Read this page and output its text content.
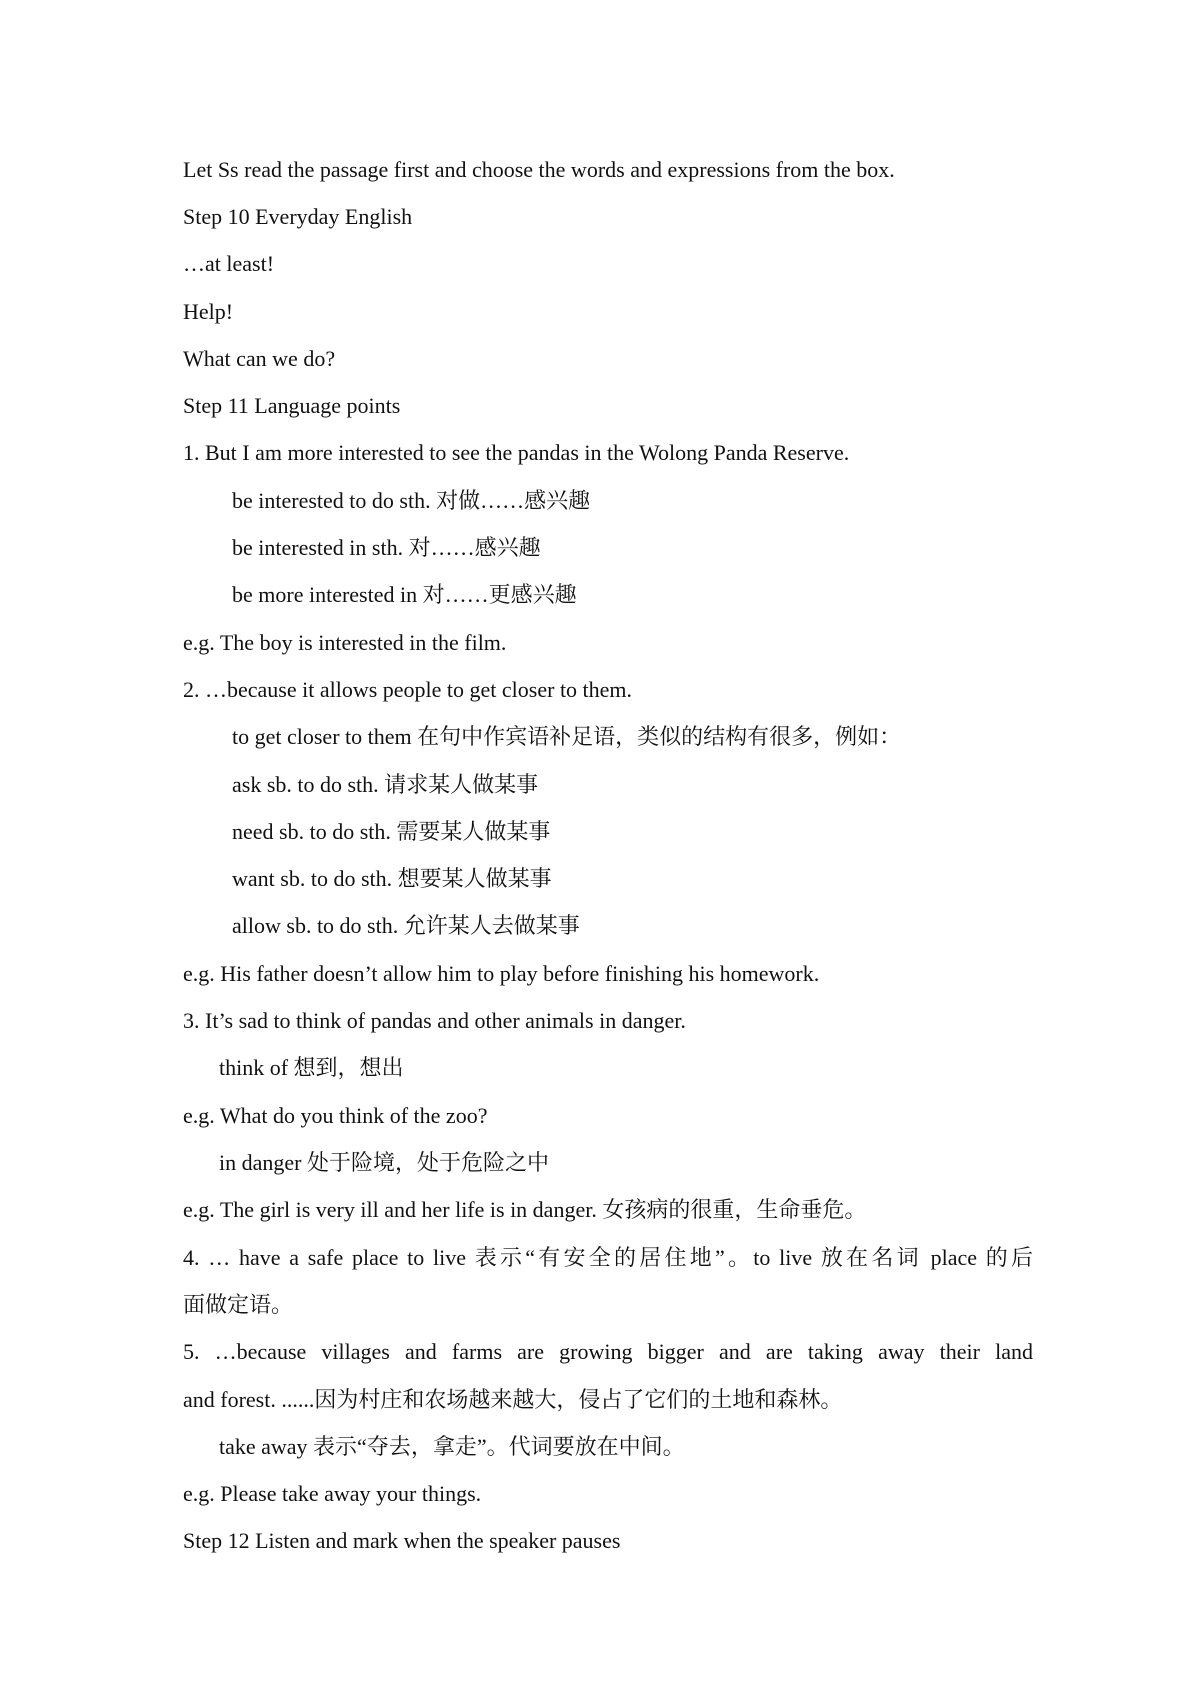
Let Ss read the passage first and choose the words and expressions from the box.
Step 10 Everyday English
…at least!
Help!
What can we do?
Step 11 Language points
1. But I am more interested to see the pandas in the Wolong Panda Reserve.
be interested to do sth. 对做……感兴趣
be interested in sth. 对……感兴趣
be more interested in 对……更感兴趣
e.g. The boy is interested in the film.
2. …because it allows people to get closer to them.
to get closer to them 在句中作宾语补足语，类似的结构有很多，例如：
ask sb. to do sth. 请求某人做某事
need sb. to do sth. 需要某人做某事
want sb. to do sth. 想要某人做某事
allow sb. to do sth. 允许某人去做某事
e.g. His father doesn’t allow him to play before finishing his homework.
3. It’s sad to think of pandas and other animals in danger.
think of 想到，想出
e.g. What do you think of the zoo?
in danger 处于险境，处于危险之中
e.g. The girl is very ill and her life is in danger. 女孩病的很重，生命垂危。
4. … have a safe place to live 表示“有安全的居住地”。to live 放在名词 place 的后
面做定语。
5. …because villages and farms are growing bigger and are taking away their land
and forest. ......因为村庄和农场越来越大，侵占了它们的土地和森林。
take away 表示“夺去，拿走”。代词要放在中间。
e.g. Please take away your things.
Step 12 Listen and mark when the speaker pauses
